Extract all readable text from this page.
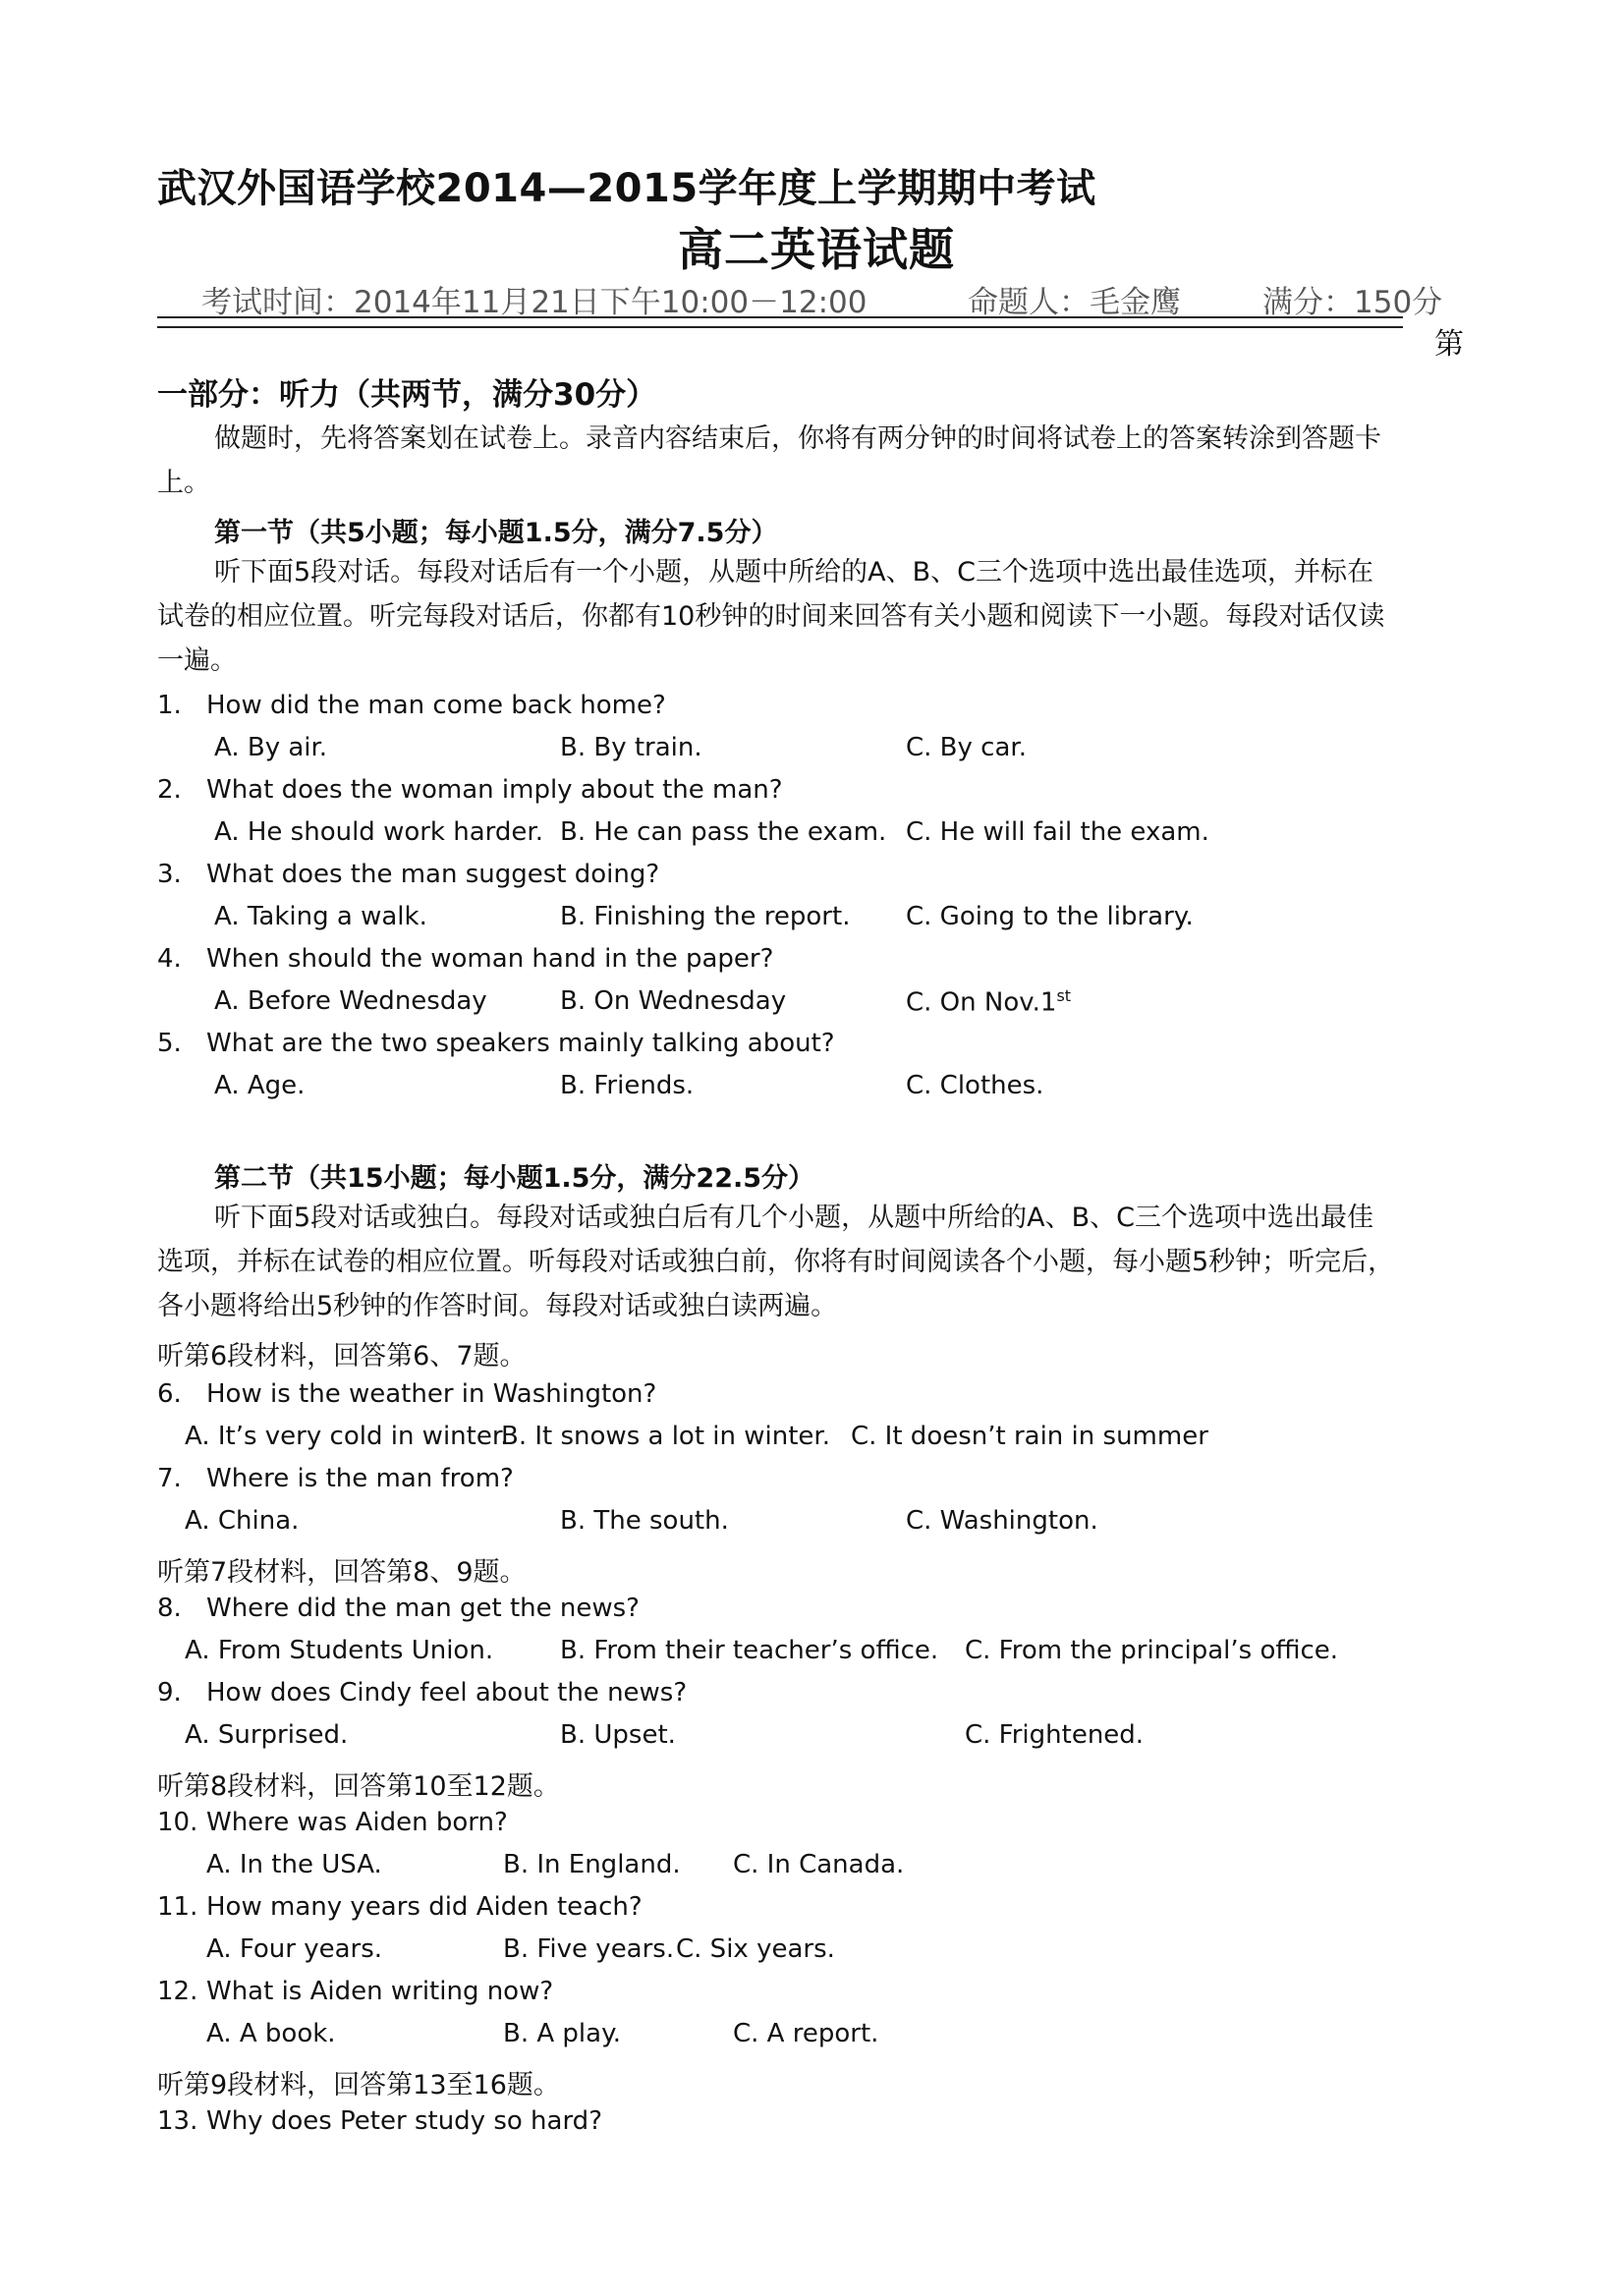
武汉外国语学校2014—2015学年度上学期期中考试
高二英语试题
考试时间：2014年11月21日下午10:00－12:00	命题人：毛金鹰	满分：150分
第
一部分：听力（共两节，满分30分）
做题时，先将答案划在试卷上。录音内容结束后，你将有两分钟的时间将试卷上的答案转涂到答题卡
上。
第一节（共5小题；每小题1.5分，满分7.5分）
听下面5段对话。每段对话后有一个小题，从题中所给的A、B、C三个选项中选出最佳选项，并标在
试卷的相应位置。听完每段对话后，你都有10秒钟的时间来回答有关小题和阅读下一小题。每段对话仅读
一遍。
1. How did the man come back home?
A. By air.	B. By train.	C. By car.
2. What does the woman imply about the man?
A. He should work harder. B. He can pass the exam. C. He will fail the exam.
3. What does the man suggest doing?
A. Taking a walk.	B. Finishing the report. C. Going to the library.
4. When should the woman hand in the paper?
A. Before Wednesday	B. On Wednesday	C. On Nov.1st
5. What are the two speakers mainly talking about?
A. Age.	B. Friends.	C. Clothes.
第二节（共15小题；每小题1.5分，满分22.5分）
听下面5段对话或独白。每段对话或独白后有几个小题，从题中所给的A、B、C三个选项中选出最佳
选项，并标在试卷的相应位置。听每段对话或独白前，你将有时间阅读各个小题，每小题5秒钟；听完后，
各小题将给出5秒钟的作答时间。每段对话或独白读两遍。
听第6段材料，回答第6、7题。
6. How is the weather in Washington?
A. It’s very cold in winter.
B. It snows a lot in winter. C. It doesn’t rain in summer
7. Where is the man from?
A. China.	B. The south.	C. Washington.
听第7段材料，回答第8、9题。
8. Where did the man get the news?
A. From Students Union.	B. From their teacher’s office. C. From the principal’s office.
9. How does Cindy feel about the news?
A. Surprised.	B. Upset.	C. Frightened.
听第8段材料，回答第10至12题。
10. Where was Aiden born?
A. In the USA.	B. In England. C. In Canada.
11. How many years did Aiden teach?
A. Four years.	B. Five years. C. Six years.
12. What is Aiden writing now?
A. A book.	B. A play.	C. A report.
听第9段材料，回答第13至16题。
13. Why does Peter study so hard?
